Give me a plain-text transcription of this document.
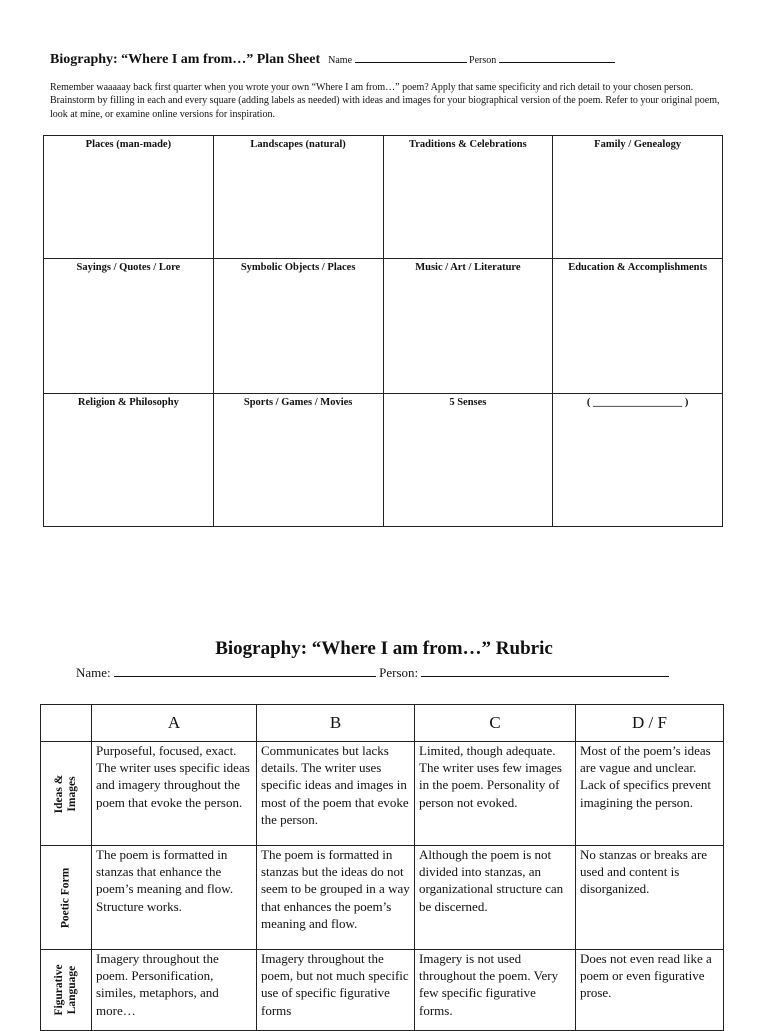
Biography: “Where I am from…” Plan Sheet Name	Person
Remember waaaaay back first quarter when you wrote your own “Where I am from…” poem? Apply that same specificity and rich detail to your chosen person. Brainstorm by filling in each and every square (adding labels as needed) with ideas and images for your biographical version of the poem. Refer to your original poem, look at mine, or examine online versions for inspiration.
Places (man-made)	Landscapes (natural)	Traditions & Celebrations	Family / Genealogy
Sayings / Quotes / Lore	Symbolic Objects / Places	Music / Art / Literature	Education & Accomplishments
Religion & Philosophy	Sports / Games / Movies	5 Senses	( _________________ )
Biography: “Where I am from…” Rubric
Name:	Person:
	A	B	C	D / F

Ideas & Images	Purposeful, focused, exact. The writer uses specific ideas and imagery throughout the poem that evoke the person.	Communicates but lacks details. The writer uses specific ideas and images in most of the poem that evoke the person.	Limited, though adequate. The writer uses few images in the poem. Personality of person not evoked.	Most of the poem’s ideas are vague and unclear. Lack of specifics prevent imagining the person.

Poetic Form	The poem is formatted in stanzas that enhance the poem’s meaning and flow. Structure works.	The poem is formatted in stanzas but the ideas do not seem to be grouped in a way that enhances the poem’s meaning and flow.	Although the poem is not divided into stanzas, an organizational structure can be discerned.	No stanzas or breaks are used and content is disorganized.

Figurative Language	Imagery throughout the poem. Personification, similes, metaphors, and more…	Imagery throughout the poem, but not much specific use of specific figurative forms	Imagery is not used throughout the poem. Very few specific figurative forms.	Does not even read like a poem or even figurative prose.
